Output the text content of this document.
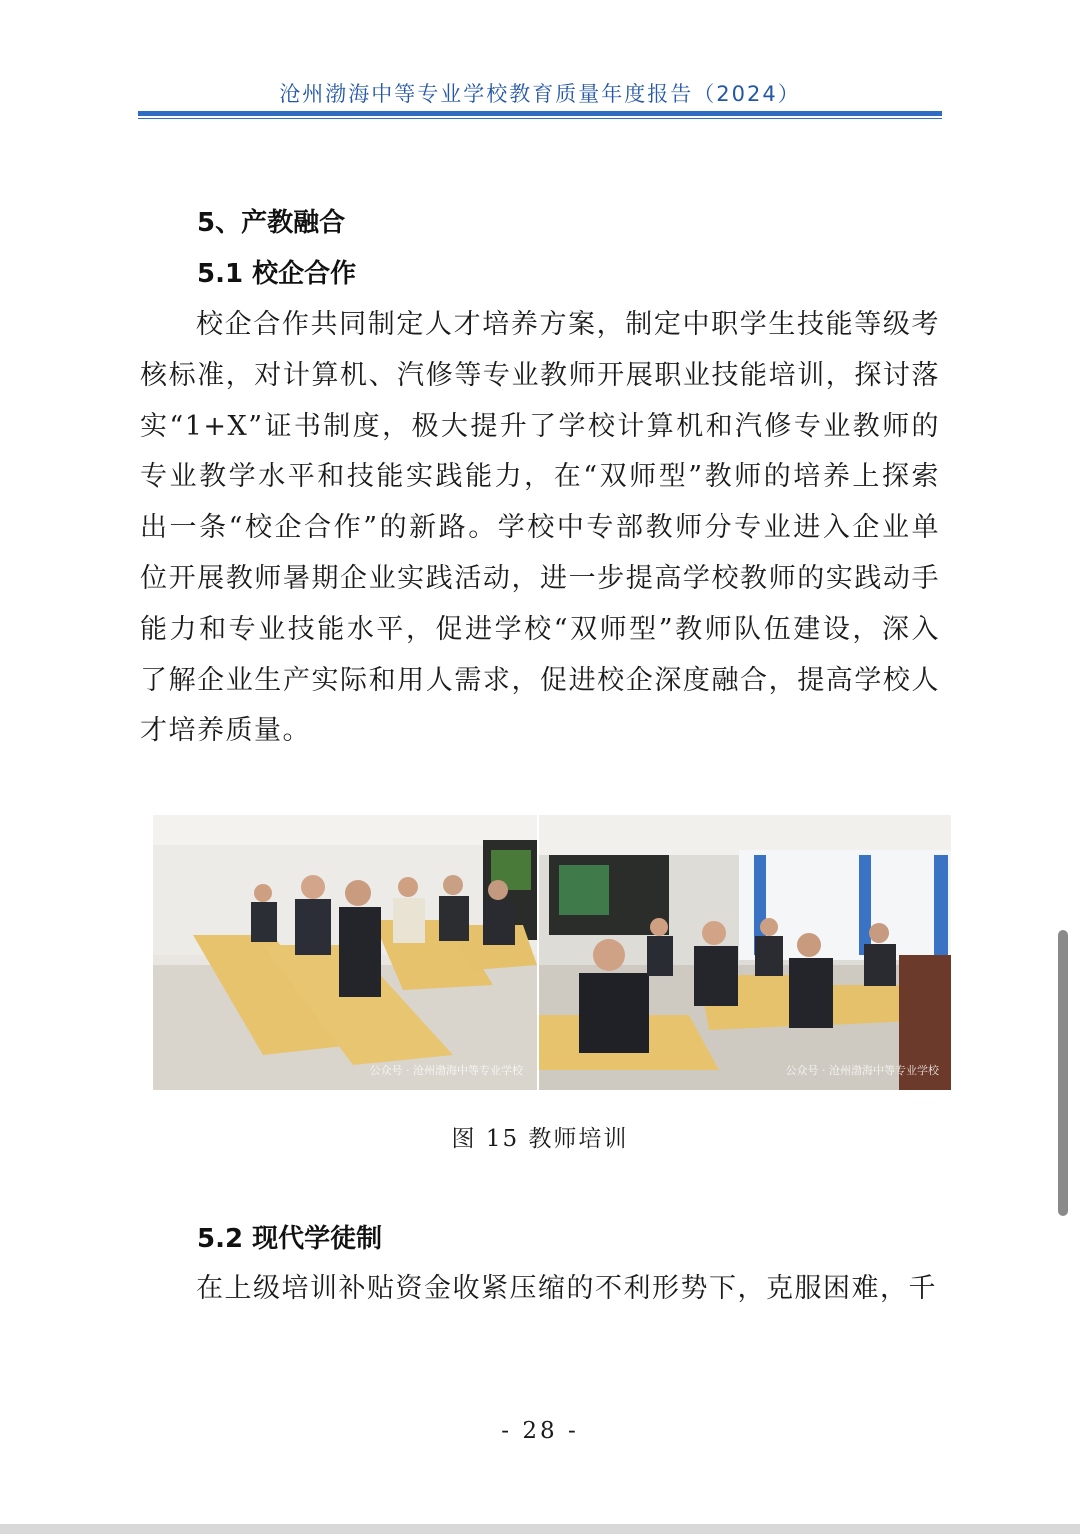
沧州渤海中等专业学校教育质量年度报告（2024）
5、产教融合
5.1 校企合作
校企合作共同制定人才培养方案，制定中职学生技能等级考核标准，对计算机、汽修等专业教师开展职业技能培训，探讨落实“1+X”证书制度，极大提升了学校计算机和汽修专业教师的专业教学水平和技能实践能力，在“双师型”教师的培养上探索出一条“校企合作”的新路。学校中专部教师分专业进入企业单位开展教师暑期企业实践活动，进一步提高学校教师的实践动手能力和专业技能水平，促进学校“双师型”教师队伍建设，深入了解企业生产实际和用人需求，促进校企深度融合，提高学校人才培养质量。
公众号 · 沧州渤海中等专业学校	公众号 · 沧州渤海中等专业学校
图 15 教师培训
5.2 现代学徒制
在上级培训补贴资金收紧压缩的不利形势下，克服困难，千
- 28 -
